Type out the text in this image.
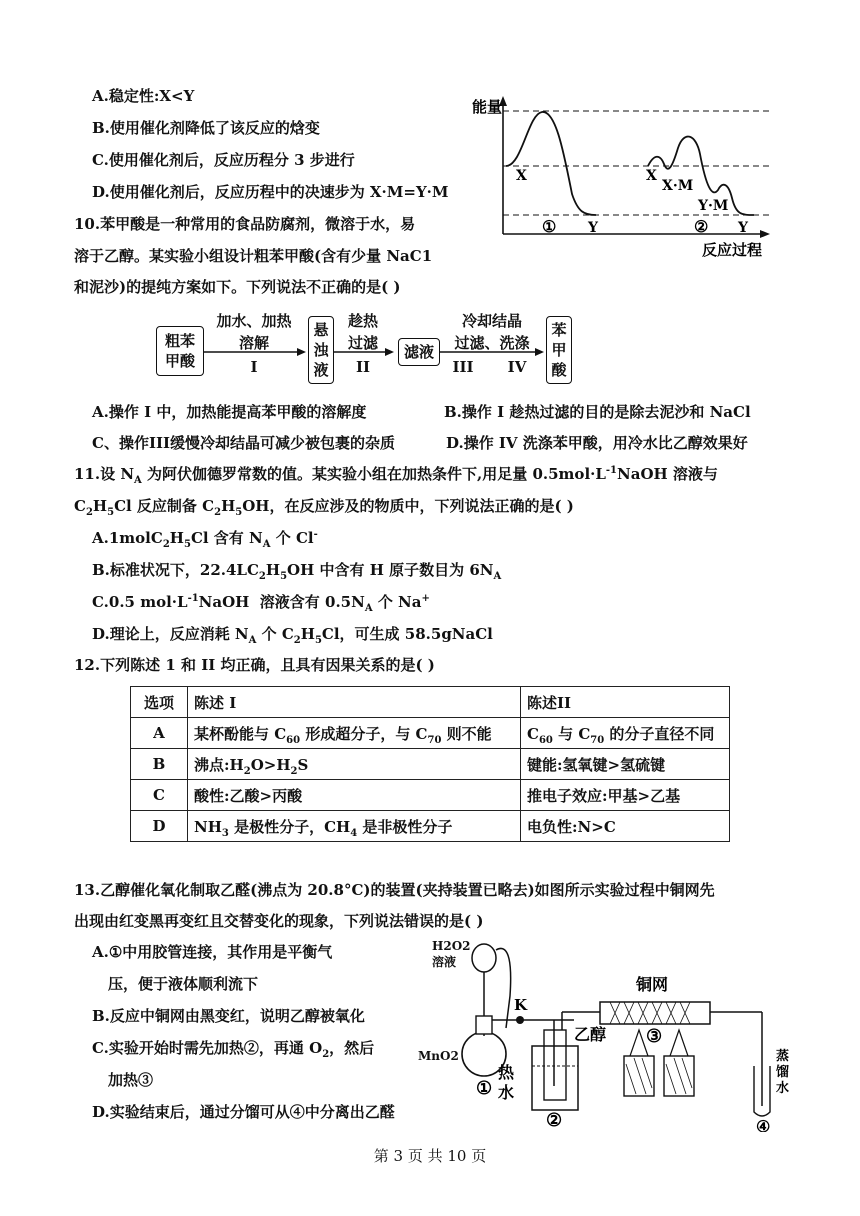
A.稳定性:X<Y
B.使用催化剂降低了该反应的焓变
C.使用催化剂后，反应历程分 3 步进行
D.使用催化剂后，反应历程中的决速步为 X·M=Y·M
能量
反应过程
X
Y
①
X
X·M
Y·M
Y
②
10.苯甲酸是一种常用的食品防腐剂，微溶于水，易
溶于乙醇。某实验小组设计粗苯甲酸(含有少量 NaC1
和泥沙)的提纯方案如下。下列说法不正确的是( )
粗苯甲酸
加水、加热
溶解
I
悬浊液
趁热
过滤
II
滤液
冷却结晶
过滤、洗涤
III	IV
苯甲酸
A.操作 I 中，加热能提高苯甲酸的溶解度	B.操作 I 趁热过滤的目的是除去泥沙和 NaCl
C、操作III缓慢冷却结晶可减少被包裹的杂质	D.操作 IV 洗涤苯甲酸，用冷水比乙醇效果好
11.设 $N_A$ 为阿伏伽德罗常数的值。某实验小组在加热条件下,用足量 $0.5mol\cdot L^{-1}NaOH$ 溶液与
$C_2H_5Cl$ 反应制备 $C_2H_5OH$，在反应涉及的物质中，下列说法正确的是( )
$A.1molC_2H_5Cl$ 含有 $N_A$ 个 Cl-
B.标准状况下，$22.4LC_2H_5OH$ 中含有 H 原子数目为 $6N_A$
C.0.5 $mol\cdot L^{-1}NaOH$  溶液含有 $0.5N_A$ 个 Na+
D.理论上，反应消耗 $N_A$ 个 $C_2H_5Cl$，可生成 58.5gNaCl
12.下列陈述 1 和 II 均正确，且具有因果关系的是( )
选项	陈述 I	陈述II
A	某杯酚能与 $C_{60}$ 形成超分子，与 $C_{70}$ 则不能	$C_{60}$ 与 $C_{70}$ 的分子直径不同
B	沸点$:H_2O>H_2S$	键能:氢氧键>氢硫键
C	酸性:乙酸>丙酸	推电子效应:甲基>乙基
D	$NH_3$ 是极性分子，$CH_4$ 是非极性分子	电负性:N>C
13.乙醇催化氧化制取乙醛(沸点为 20.8°C)的装置(夹持装置已略去)如图所示实验过程中铜网先
出现由红变黑再变红且交替变化的现象，下列说法错误的是( )
A.①中用胶管连接，其作用是平衡气
压，便于液体顺利流下
B.反应中铜网由黑变红，说明乙醇被氧化
C.实验开始时需先加热②，再通 $O_2$，然后
加热③
D.实验结束后，通过分馏可从④中分离出乙醛
H2O2
溶液
MnO2
①
K
热
水
乙醇
②
铜网
③
蒸
馏
水
④
第 3 页 共 10 页
